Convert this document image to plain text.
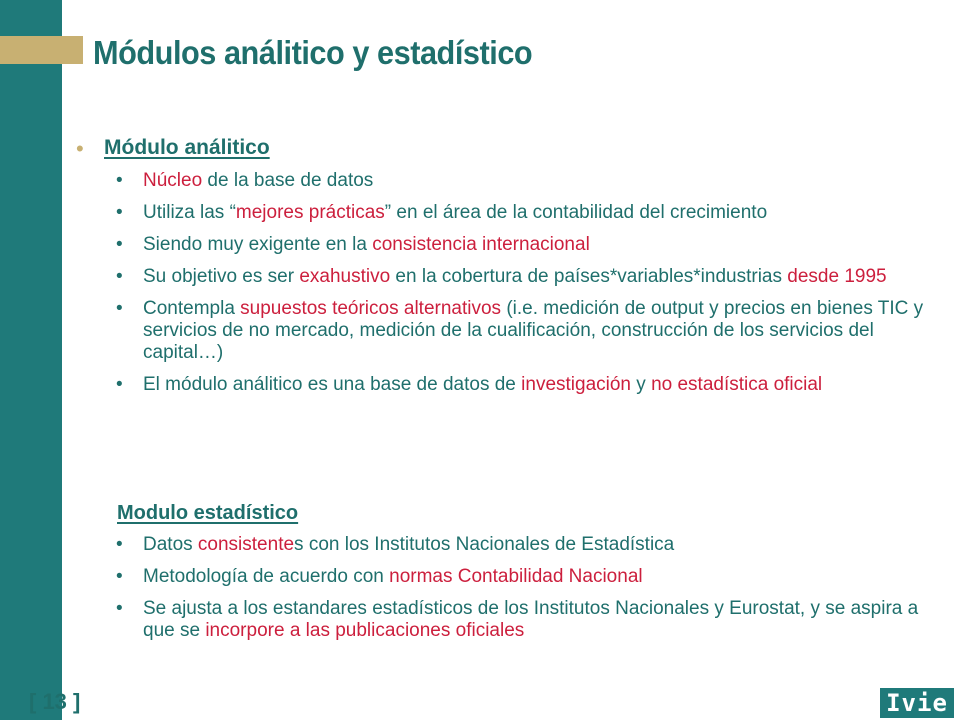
Módulos análitico y estadístico
• Módulo análitico
• Núcleo de la base de datos
• Utiliza las “mejores prácticas” en el área de la contabilidad del crecimiento
• Siendo muy exigente en la consistencia internacional
• Su objetivo es ser exahustivo en la cobertura de países*variables*industrias desde 1995
• Contempla supuestos teóricos alternativos (i.e. medición de output y precios en bienes TIC y servicios de no mercado, medición de la cualificación, construcción de los servicios del capital…)
• El módulo análitico es una base de datos de investigación y no estadística oficial
Modulo estadístico
• Datos consistentes con los Institutos Nacionales de Estadística
• Metodología de acuerdo con normas Contabilidad Nacional
• Se ajusta a los estandares estadísticos de los Institutos Nacionales y Eurostat, y se aspira a que se incorpore a las publicaciones oficiales
[ 13 ]	Ivie
